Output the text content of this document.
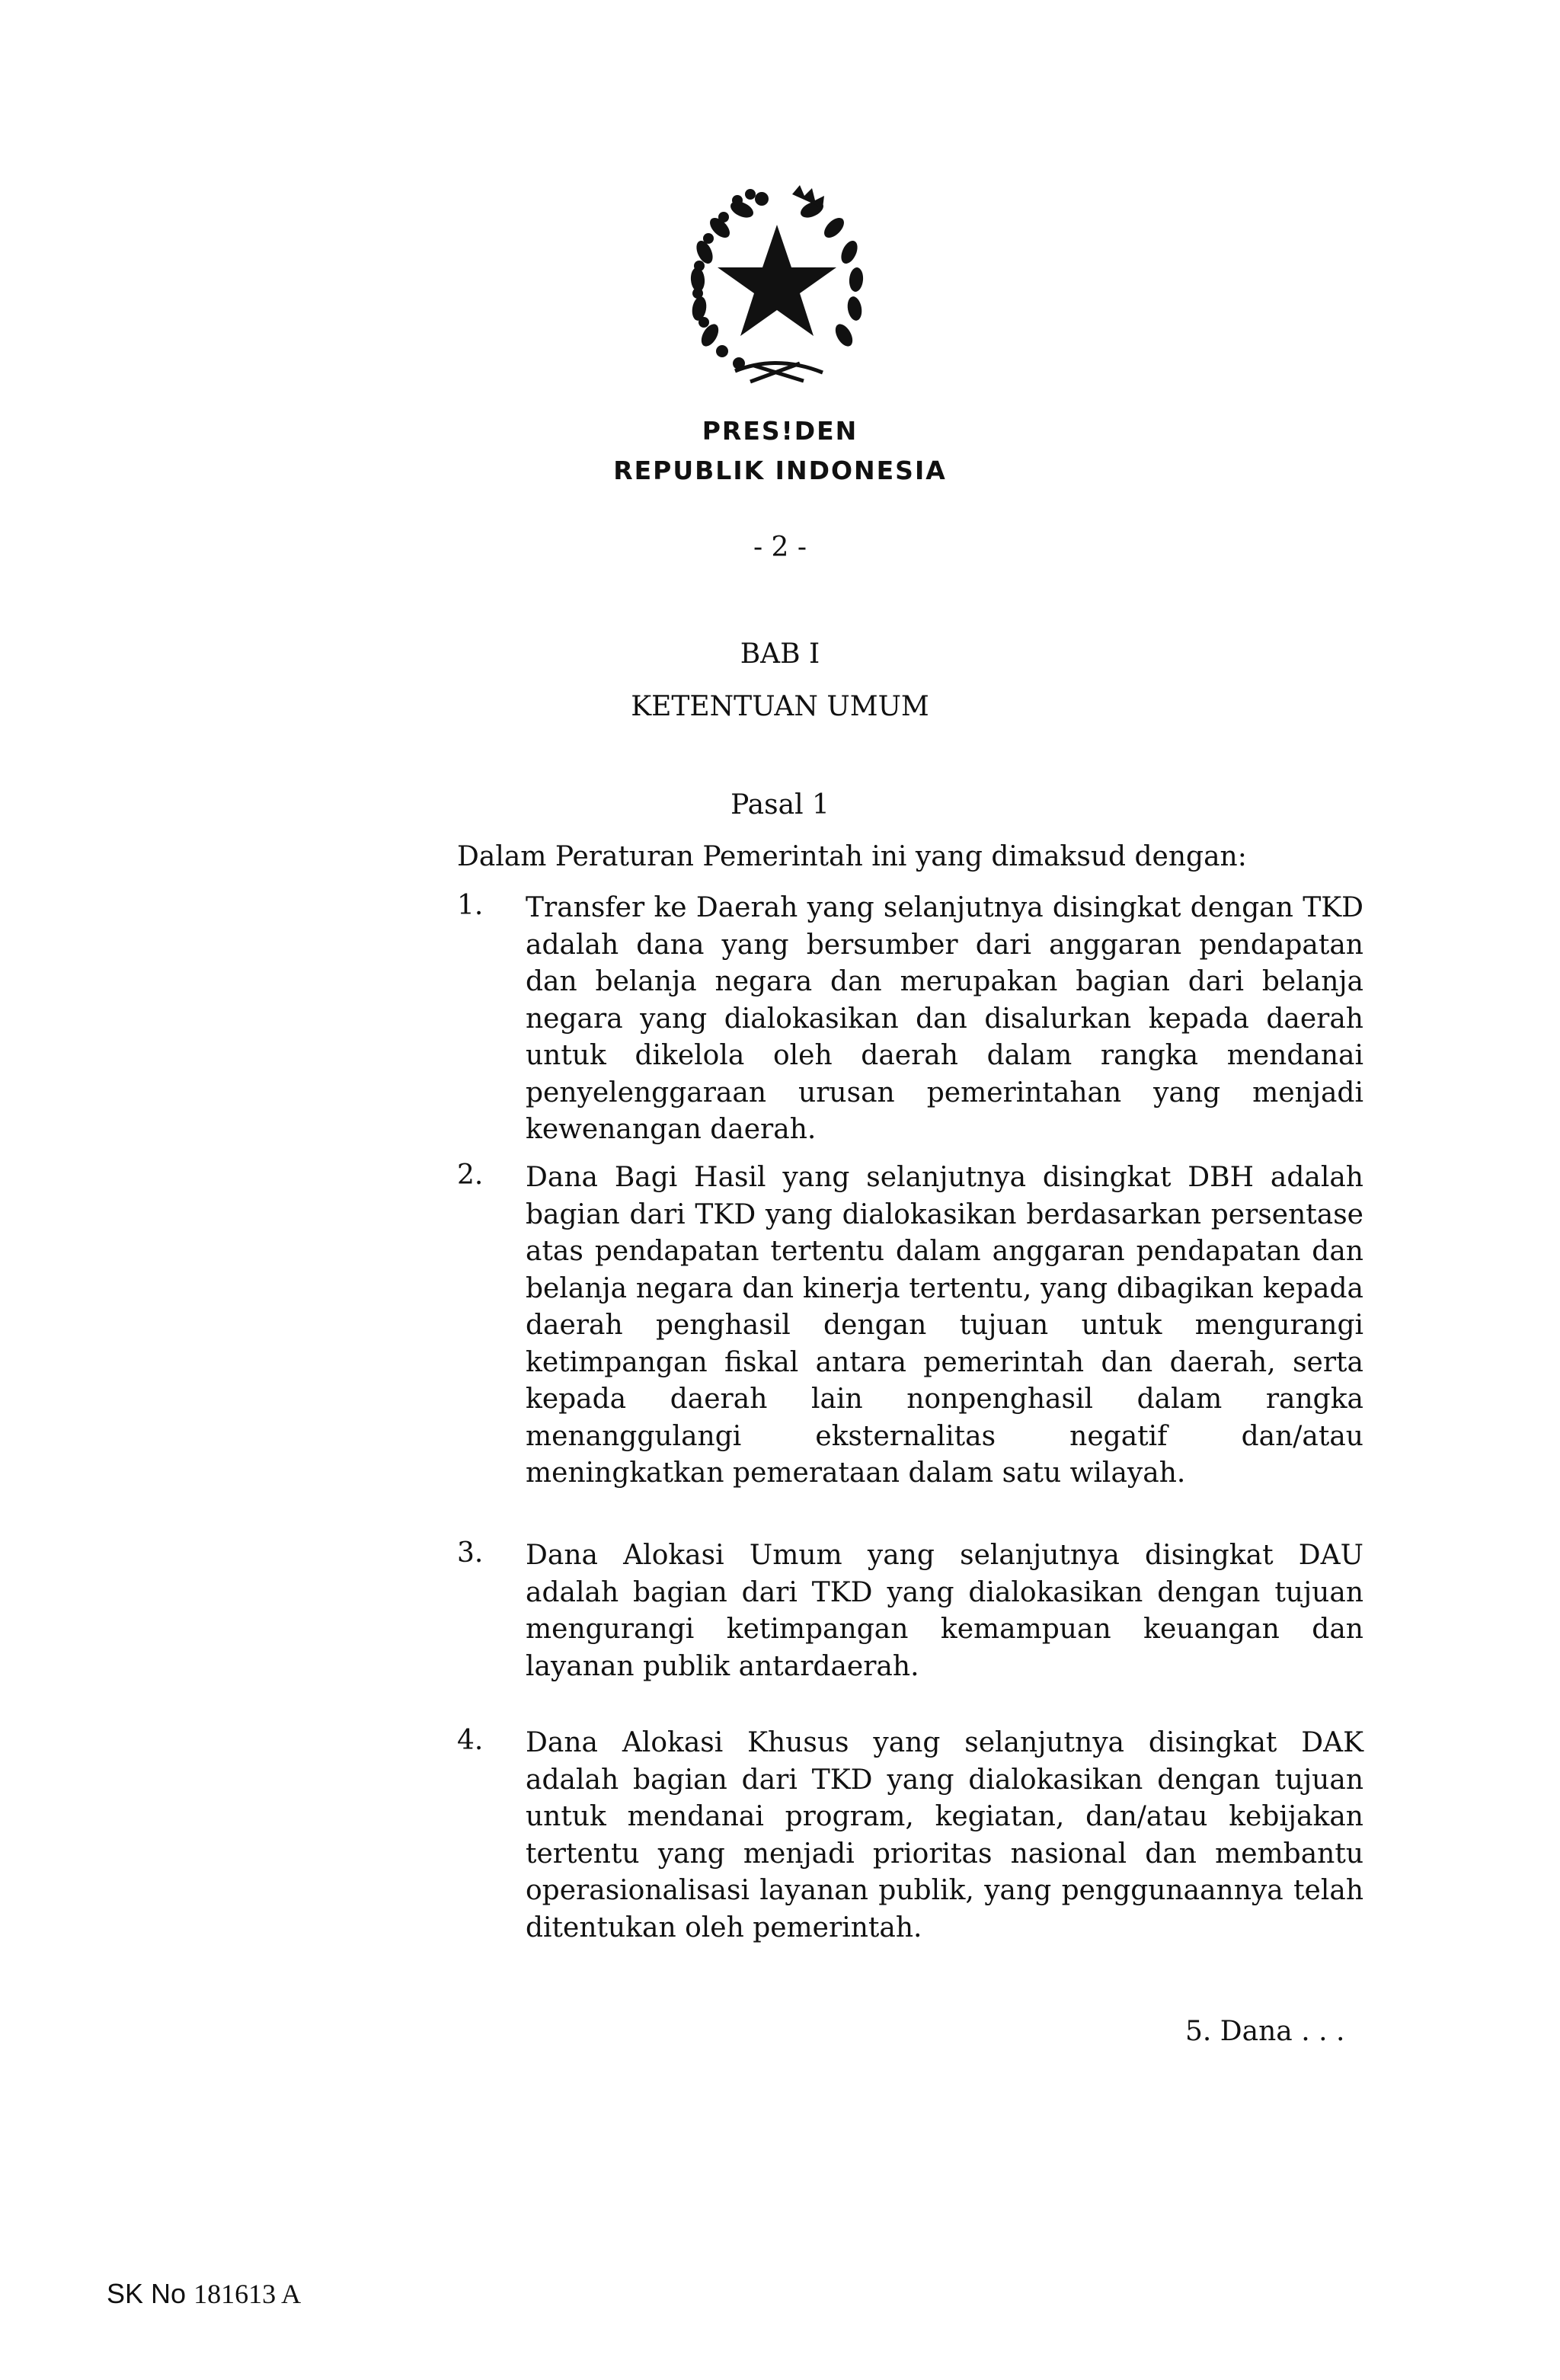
PRES!DEN
REPUBLIK INDONESIA
- 2 -
BAB I
KETENTUAN UMUM
Pasal 1
Dalam Peraturan Pemerintah ini yang dimaksud dengan:
1. Transfer ke Daerah yang selanjutnya disingkat dengan TKD adalah dana yang bersumber dari anggaran pendapatan dan belanja negara dan merupakan bagian dari belanja negara yang dialokasikan dan disalurkan kepada daerah untuk dikelola oleh daerah dalam rangka mendanai penyelenggaraan urusan pemerintahan yang menjadi kewenangan daerah.
2. Dana Bagi Hasil yang selanjutnya disingkat DBH adalah bagian dari TKD yang dialokasikan berdasarkan persentase atas pendapatan tertentu dalam anggaran pendapatan dan belanja negara dan kinerja tertentu, yang dibagikan kepada daerah penghasil dengan tujuan untuk mengurangi ketimpangan fiskal antara pemerintah dan daerah, serta kepada daerah lain nonpenghasil dalam rangka menanggulangi eksternalitas negatif dan/atau meningkatkan pemerataan dalam satu wilayah.
3. Dana Alokasi Umum yang selanjutnya disingkat DAU adalah bagian dari TKD yang dialokasikan dengan tujuan mengurangi ketimpangan kemampuan keuangan dan layanan publik antardaerah.
4. Dana Alokasi Khusus yang selanjutnya disingkat DAK adalah bagian dari TKD yang dialokasikan dengan tujuan untuk mendanai program, kegiatan, dan/atau kebijakan tertentu yang menjadi prioritas nasional dan membantu operasionalisasi layanan publik, yang penggunaannya telah ditentukan oleh pemerintah.
5. Dana . . .
SK No 181613 A
